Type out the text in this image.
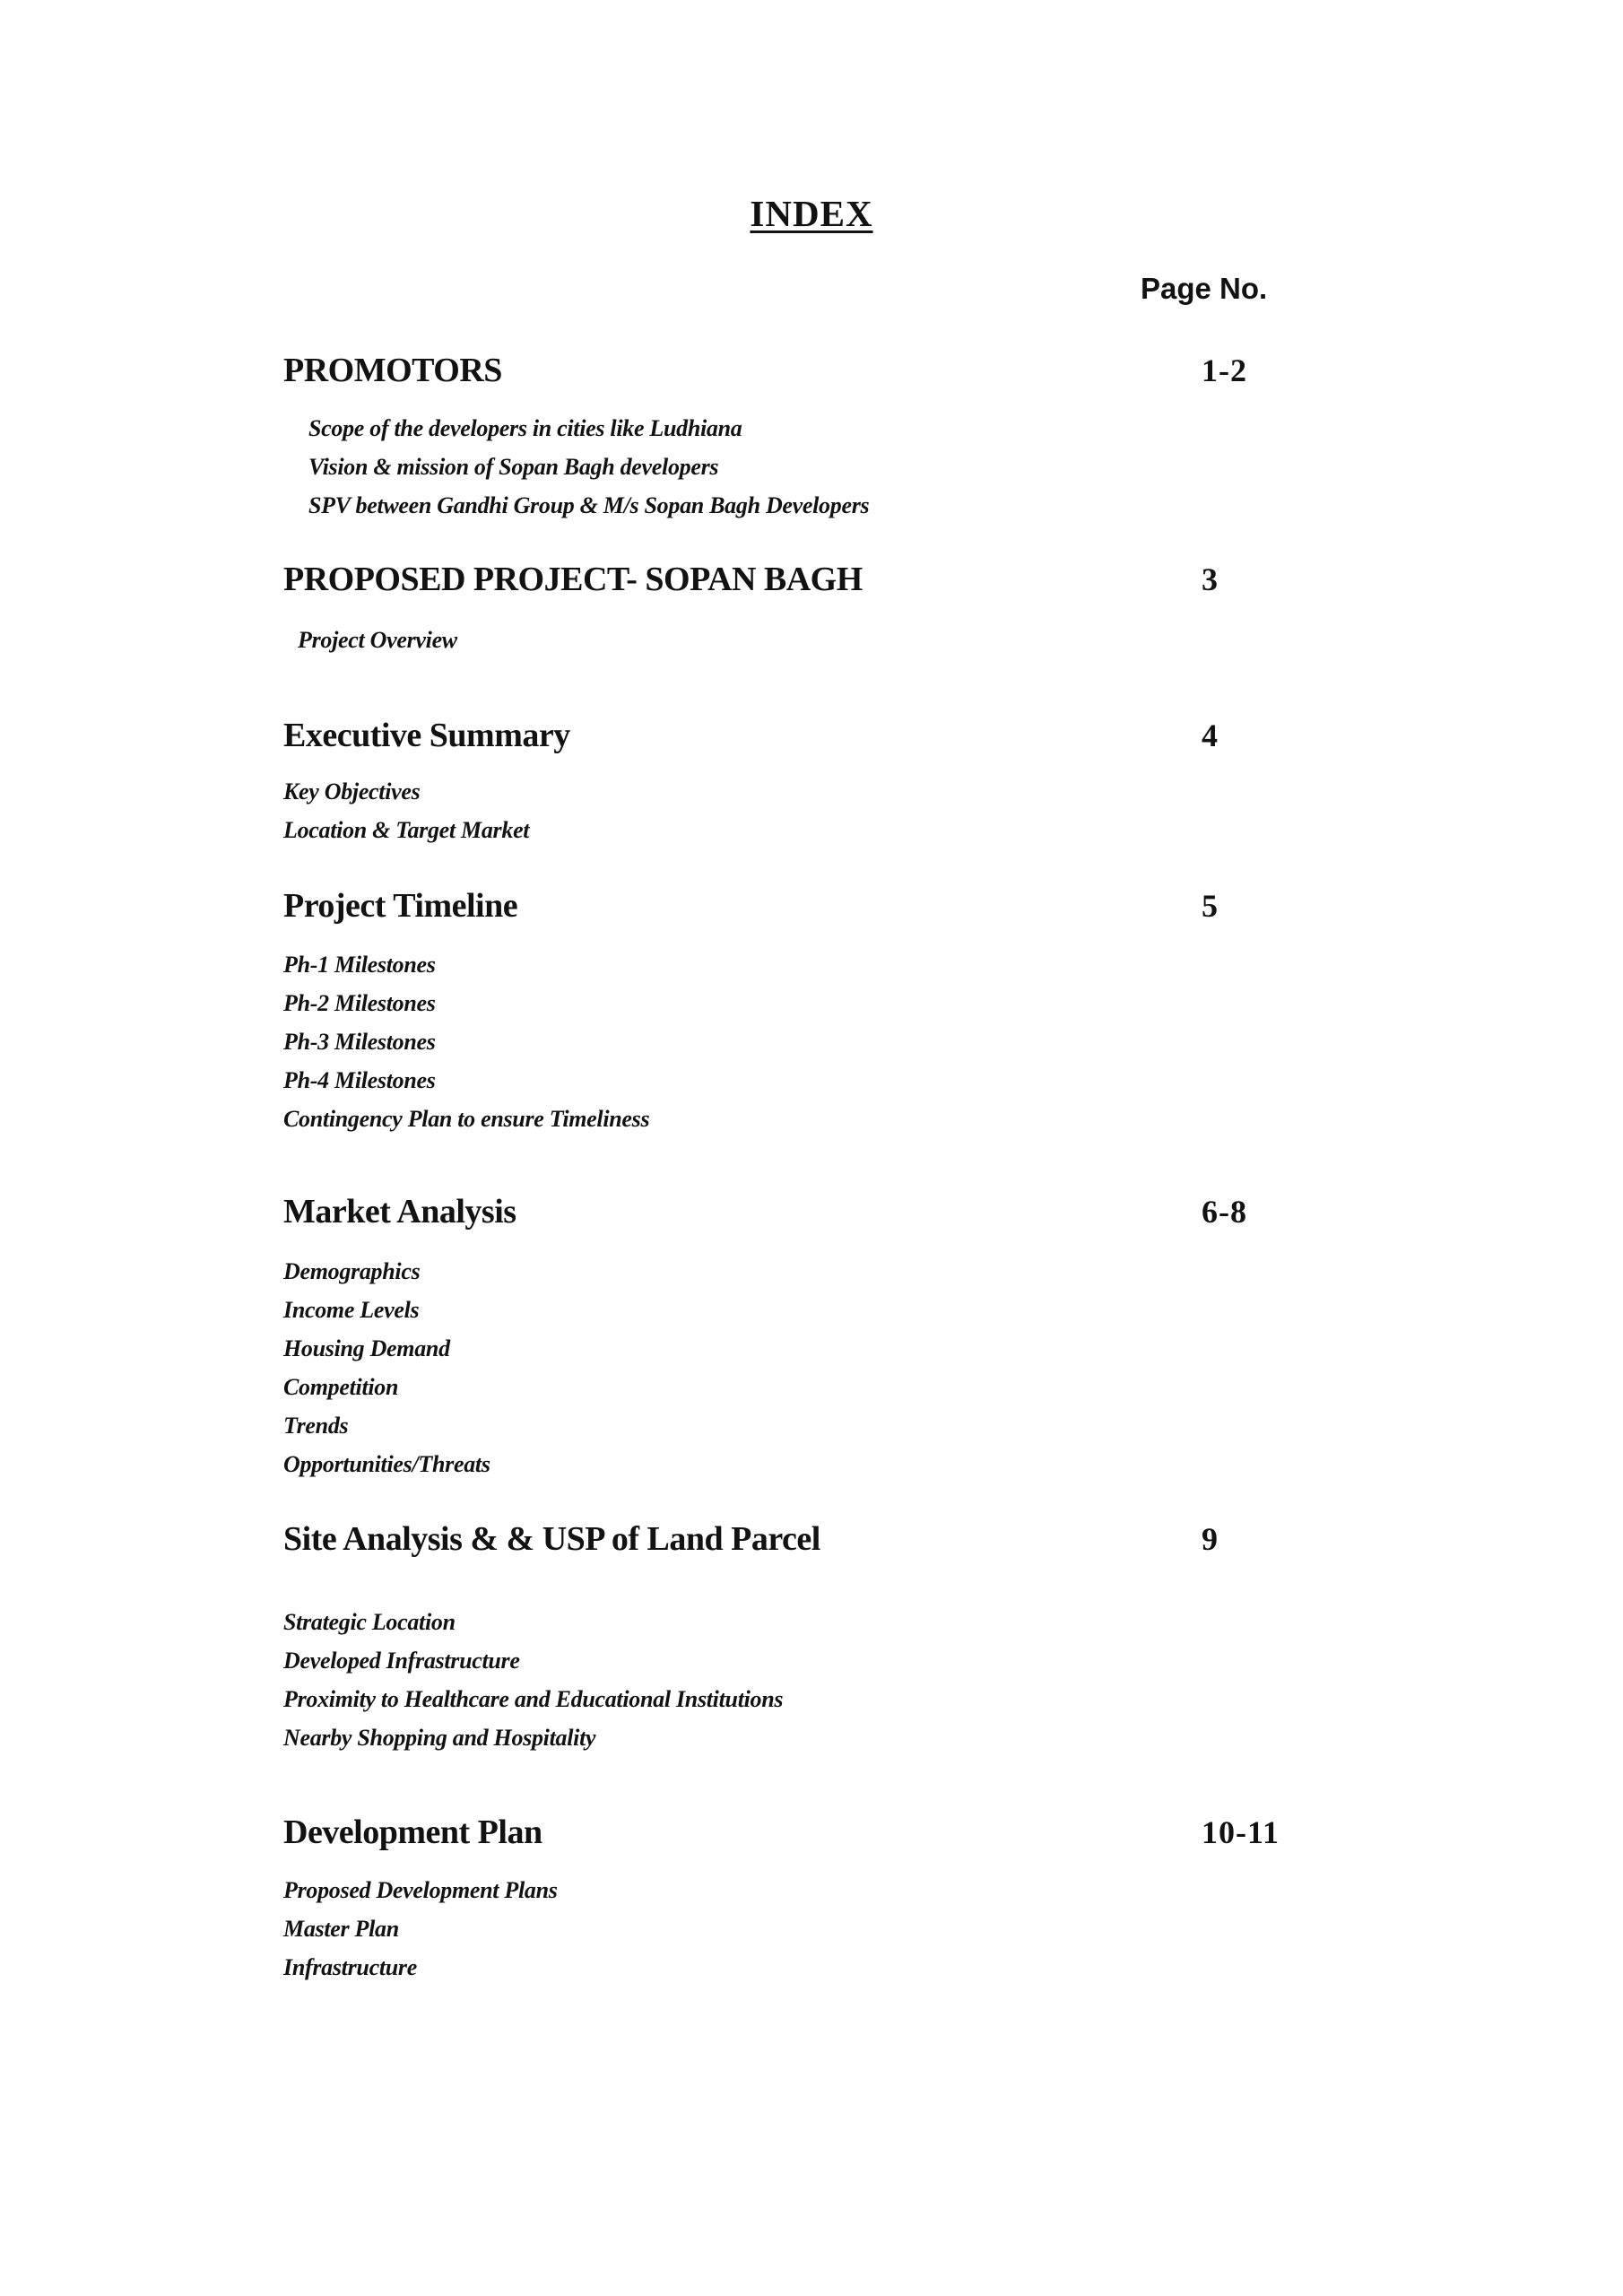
INDEX
Page No.
PROMOTORS	1-2
Scope of the developers in cities like Ludhiana
Vision & mission of Sopan Bagh developers
SPV between Gandhi Group & M/s Sopan Bagh Developers
PROPOSED PROJECT- SOPAN BAGH	3
Project Overview
Executive Summary	4
Key Objectives
Location & Target Market
Project Timeline	5
Ph-1 Milestones
Ph-2 Milestones
Ph-3 Milestones
Ph-4 Milestones
Contingency Plan to ensure Timeliness
Market Analysis	6-8
Demographics
Income Levels
Housing Demand
Competition
Trends
Opportunities/Threats
Site Analysis & & USP of Land Parcel	9
Strategic Location
Developed Infrastructure
Proximity to Healthcare and Educational Institutions
Nearby Shopping and Hospitality
Development Plan	10-11
Proposed Development Plans
Master Plan
Infrastructure
